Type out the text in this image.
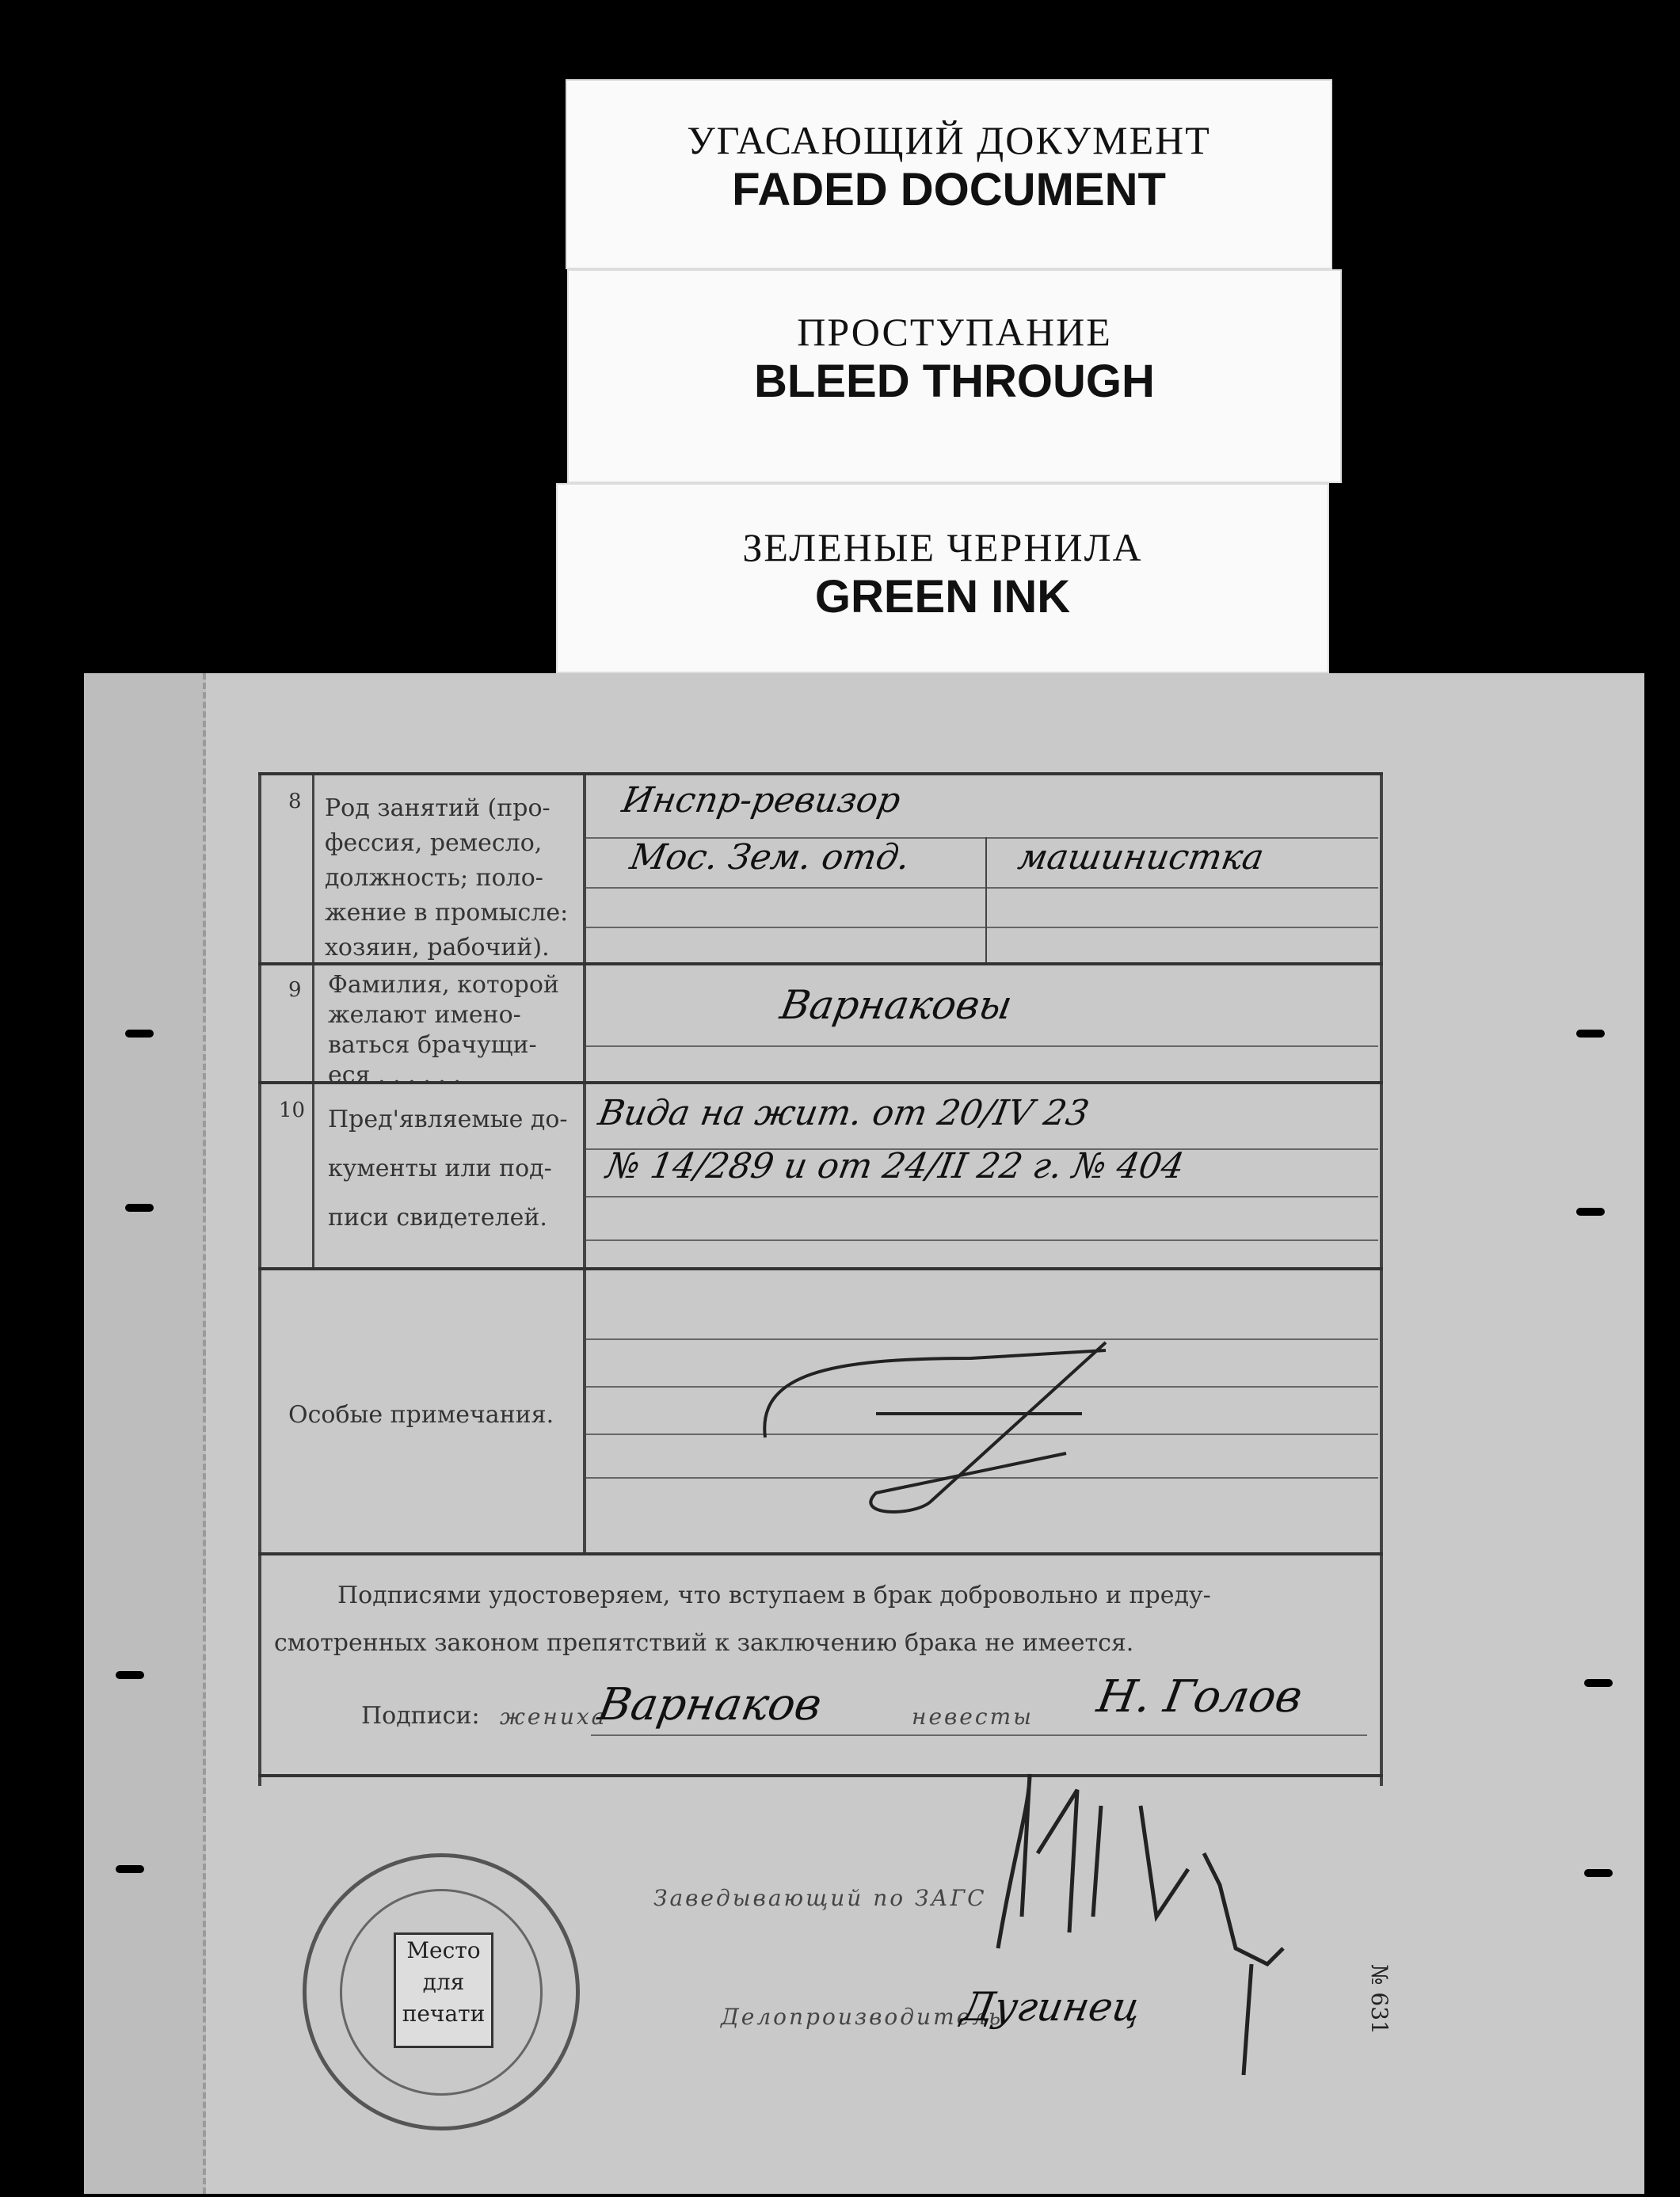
УГАСАЮЩИЙ ДОКУМЕНТ
FADED DOCUMENT
ПРОСТУПАНИЕ
BLEED THROUGH
ЗЕЛЕНЫЕ ЧЕРНИЛА
GREEN INK
8 Род занятий (про-
фессия, ремесло,
должность; поло-
жение в промысле:
хозяин, рабочий).
Инспр-ревизор
Мос. Зем. отд.	машинистка
9 Фамилия, которой
желают имено-
ваться брачущи-
еся . . . . . .
Варнаковы
10 Пред'являемые до-
кументы или под-
писи свидетелей.
Вида на жит. от 20/IV 23
№ 14/289 и от 24/II 22 г. № 404
Особые примечания.
Подписями удостоверяем, что вступаем в брак добровольно и преду-
смотренных законом препятствий к заключению брака не имеется.
Подписи: жениха	невесты
Варнаков	Н. Голов
Заведывающий по ЗАГС
Делопроизводитель
Дугинец
Место
для
печати	№ 631
